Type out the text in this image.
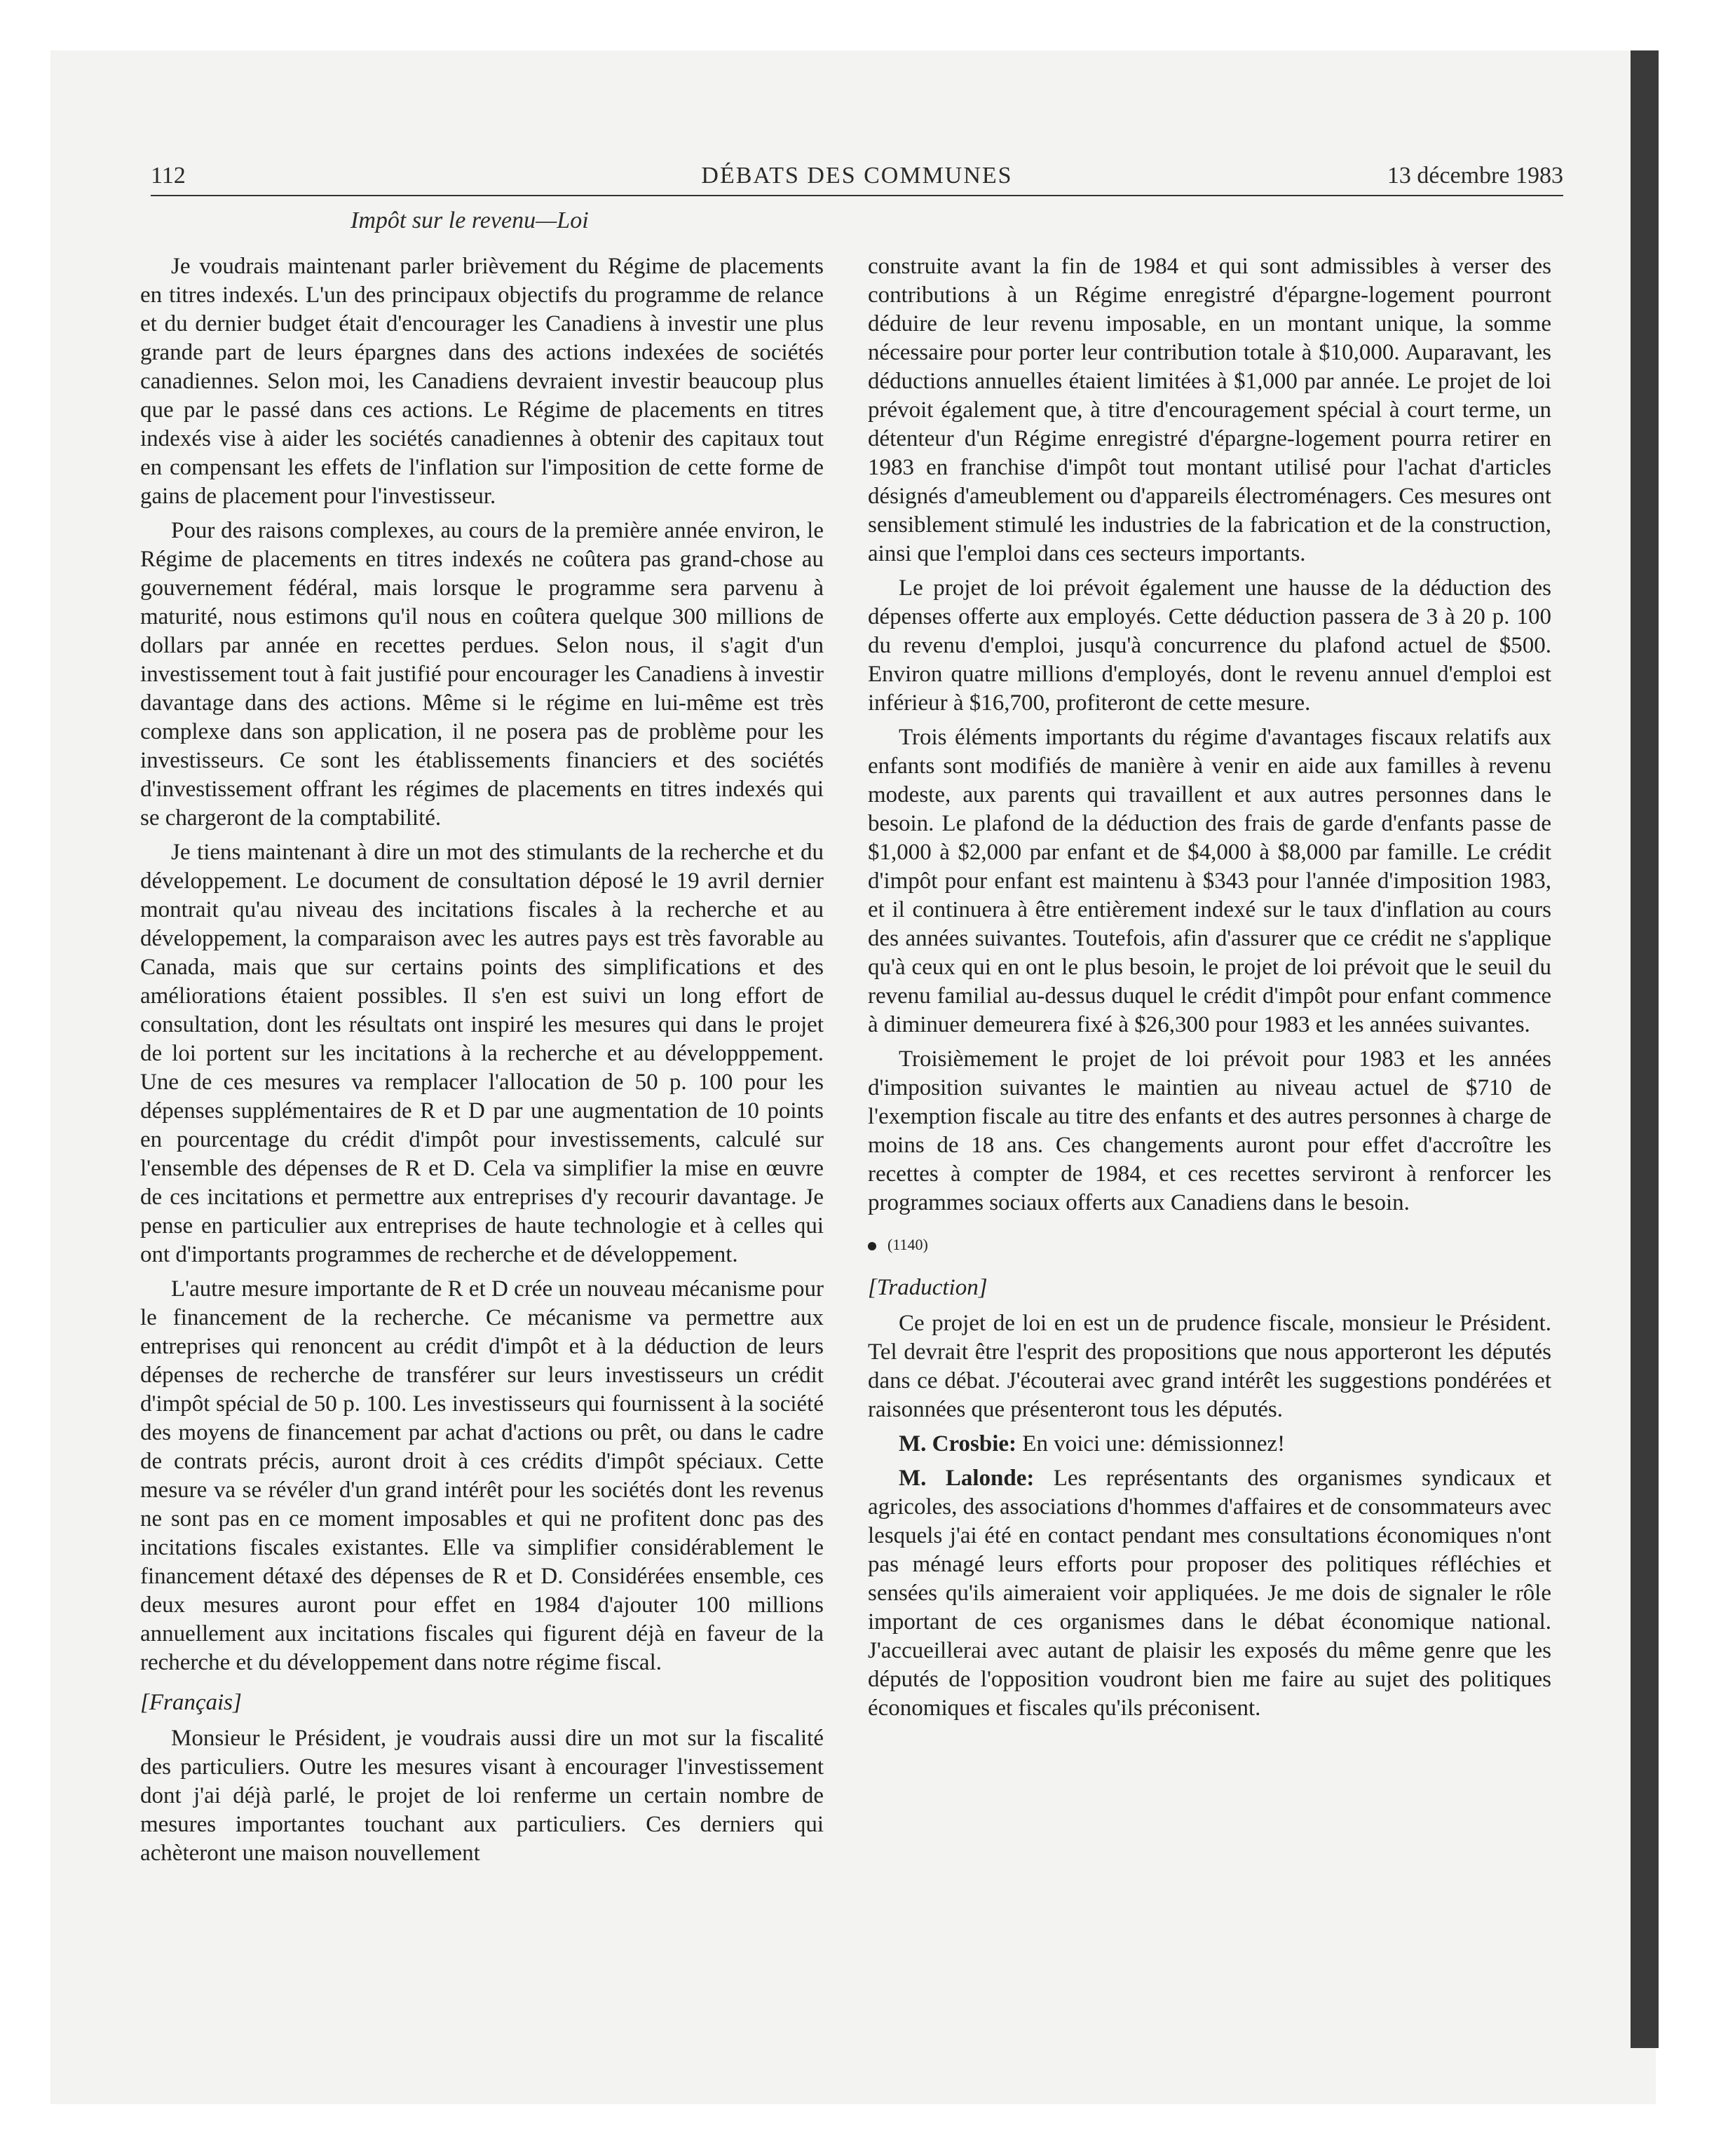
112	DÉBATS DES COMMUNES	13 décembre 1983
Impôt sur le revenu—Loi

Je voudrais maintenant parler brièvement du Régime de placements en titres indexés. L'un des principaux objectifs du programme de relance et du dernier budget était d'encourager les Canadiens à investir une plus grande part de leurs épargnes dans des actions indexées de sociétés canadiennes. Selon moi, les Canadiens devraient investir beaucoup plus que par le passé dans ces actions. Le Régime de placements en titres indexés vise à aider les sociétés canadiennes à obtenir des capitaux tout en compensant les effets de l'inflation sur l'imposition de cette forme de gains de placement pour l'investisseur.

Pour des raisons complexes, au cours de la première année environ, le Régime de placements en titres indexés ne coûtera pas grand-chose au gouvernement fédéral, mais lorsque le programme sera parvenu à maturité, nous estimons qu'il nous en coûtera quelque 300 millions de dollars par année en recettes perdues. Selon nous, il s'agit d'un investissement tout à fait justifié pour encourager les Canadiens à investir davantage dans des actions. Même si le régime en lui-même est très complexe dans son application, il ne posera pas de problème pour les investisseurs. Ce sont les établissements financiers et des sociétés d'investissement offrant les régimes de placements en titres indexés qui se chargeront de la comptabilité.

Je tiens maintenant à dire un mot des stimulants de la recherche et du développement. Le document de consultation déposé le 19 avril dernier montrait qu'au niveau des incitations fiscales à la recherche et au développement, la comparaison avec les autres pays est très favorable au Canada, mais que sur certains points des simplifications et des améliorations étaient possibles. Il s'en est suivi un long effort de consultation, dont les résultats ont inspiré les mesures qui dans le projet de loi portent sur les incitations à la recherche et au développpement. Une de ces mesures va remplacer l'allocation de 50 p. 100 pour les dépenses supplémentaires de R et D par une augmentation de 10 points en pourcentage du crédit d'impôt pour investissements, calculé sur l'ensemble des dépenses de R et D. Cela va simplifier la mise en œuvre de ces incitations et permettre aux entreprises d'y recourir davantage. Je pense en particulier aux entreprises de haute technologie et à celles qui ont d'importants programmes de recherche et de développement.

L'autre mesure importante de R et D crée un nouveau mécanisme pour le financement de la recherche. Ce mécanisme va permettre aux entreprises qui renoncent au crédit d'impôt et à la déduction de leurs dépenses de recherche de transférer sur leurs investisseurs un crédit d'impôt spécial de 50 p. 100. Les investisseurs qui fournissent à la société des moyens de financement par achat d'actions ou prêt, ou dans le cadre de contrats précis, auront droit à ces crédits d'impôt spéciaux. Cette mesure va se révéler d'un grand intérêt pour les sociétés dont les revenus ne sont pas en ce moment imposables et qui ne profitent donc pas des incitations fiscales existantes. Elle va simplifier considérablement le financement détaxé des dépenses de R et D. Considérées ensemble, ces deux mesures auront pour effet en 1984 d'ajouter 100 millions annuellement aux incitations fiscales qui figurent déjà en faveur de la recherche et du développement dans notre régime fiscal.

[Français]

Monsieur le Président, je voudrais aussi dire un mot sur la fiscalité des particuliers. Outre les mesures visant à encourager l'investissement dont j'ai déjà parlé, le projet de loi renferme un certain nombre de mesures importantes touchant aux particuliers. Ces derniers qui achèteront une maison nouvellement

construite avant la fin de 1984 et qui sont admissibles à verser des contributions à un Régime enregistré d'épargne-logement pourront déduire de leur revenu imposable, en un montant unique, la somme nécessaire pour porter leur contribution totale à $10,000. Auparavant, les déductions annuelles étaient limitées à $1,000 par année. Le projet de loi prévoit également que, à titre d'encouragement spécial à court terme, un détenteur d'un Régime enregistré d'épargne-logement pourra retirer en 1983 en franchise d'impôt tout montant utilisé pour l'achat d'articles désignés d'ameublement ou d'appareils électroménagers. Ces mesures ont sensiblement stimulé les industries de la fabrication et de la construction, ainsi que l'emploi dans ces secteurs importants.

Le projet de loi prévoit également une hausse de la déduction des dépenses offerte aux employés. Cette déduction passera de 3 à 20 p. 100 du revenu d'emploi, jusqu'à concurrence du plafond actuel de $500. Environ quatre millions d'employés, dont le revenu annuel d'emploi est inférieur à $16,700, profiteront de cette mesure.

Trois éléments importants du régime d'avantages fiscaux relatifs aux enfants sont modifiés de manière à venir en aide aux familles à revenu modeste, aux parents qui travaillent et aux autres personnes dans le besoin. Le plafond de la déduction des frais de garde d'enfants passe de $1,000 à $2,000 par enfant et de $4,000 à $8,000 par famille. Le crédit d'impôt pour enfant est maintenu à $343 pour l'année d'imposition 1983, et il continuera à être entièrement indexé sur le taux d'inflation au cours des années suivantes. Toutefois, afin d'assurer que ce crédit ne s'applique qu'à ceux qui en ont le plus besoin, le projet de loi prévoit que le seuil du revenu familial au-dessus duquel le crédit d'impôt pour enfant commence à diminuer demeurera fixé à $26,300 pour 1983 et les années suivantes.

Troisièmement le projet de loi prévoit pour 1983 et les années d'imposition suivantes le maintien au niveau actuel de $710 de l'exemption fiscale au titre des enfants et des autres personnes à charge de moins de 18 ans. Ces changements auront pour effet d'accroître les recettes à compter de 1984, et ces recettes serviront à renforcer les programmes sociaux offerts aux Canadiens dans le besoin.

(1140)
[Traduction]

Ce projet de loi en est un de prudence fiscale, monsieur le Président. Tel devrait être l'esprit des propositions que nous apporteront les députés dans ce débat. J'écouterai avec grand intérêt les suggestions pondérées et raisonnées que présenteront tous les députés.

M. Crosbie: En voici une: démissionnez!

M. Lalonde: Les représentants des organismes syndicaux et agricoles, des associations d'hommes d'affaires et de consommateurs avec lesquels j'ai été en contact pendant mes consultations économiques n'ont pas ménagé leurs efforts pour proposer des politiques réfléchies et sensées qu'ils aimeraient voir appliquées. Je me dois de signaler le rôle important de ces organismes dans le débat économique national. J'accueillerai avec autant de plaisir les exposés du même genre que les députés de l'opposition voudront bien me faire au sujet des politiques économiques et fiscales qu'ils préconisent.
